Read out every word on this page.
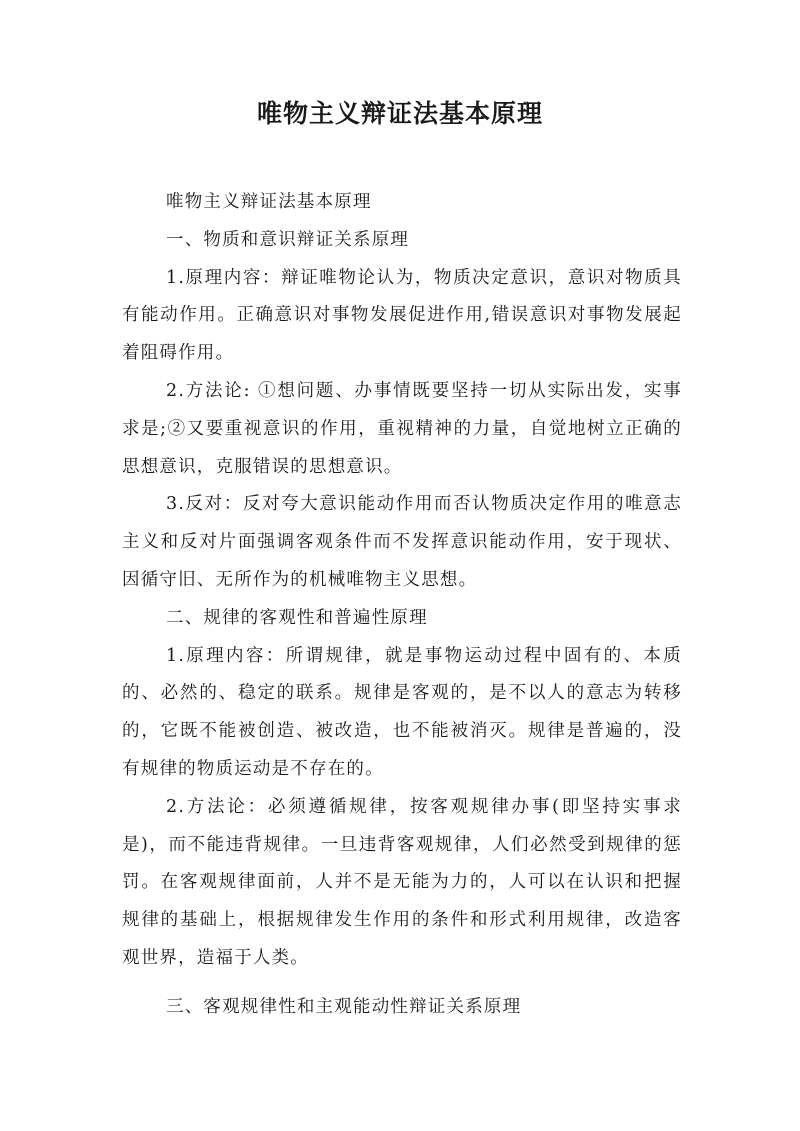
唯物主义辩证法基本原理

唯物主义辩证法基本原理

一、物质和意识辩证关系原理

1.原理内容：辩证唯物论认为，物质决定意识，意识对物质具有能动作用。正确意识对事物发展促进作用,错误意识对事物发展起着阻碍作用。

2.方法论: ①想问题、办事情既要坚持一切从实际出发，实事求是;②又要重视意识的作用，重视精神的力量，自觉地树立正确的思想意识，克服错误的思想意识。

3.反对：反对夸大意识能动作用而否认物质决定作用的唯意志主义和反对片面强调客观条件而不发挥意识能动作用，安于现状、因循守旧、无所作为的机械唯物主义思想。

二、规律的客观性和普遍性原理

1.原理内容：所谓规律，就是事物运动过程中固有的、本质的、必然的、稳定的联系。规律是客观的，是不以人的意志为转移的，它既不能被创造、被改造，也不能被消灭。规律是普遍的，没有规律的物质运动是不存在的。

2.方法论：必须遵循规律，按客观规律办事(即坚持实事求是)，而不能违背规律。一旦违背客观规律，人们必然受到规律的惩罚。在客观规律面前，人并不是无能为力的，人可以在认识和把握规律的基础上，根据规律发生作用的条件和形式利用规律，改造客观世界，造福于人类。

三、客观规律性和主观能动性辩证关系原理
